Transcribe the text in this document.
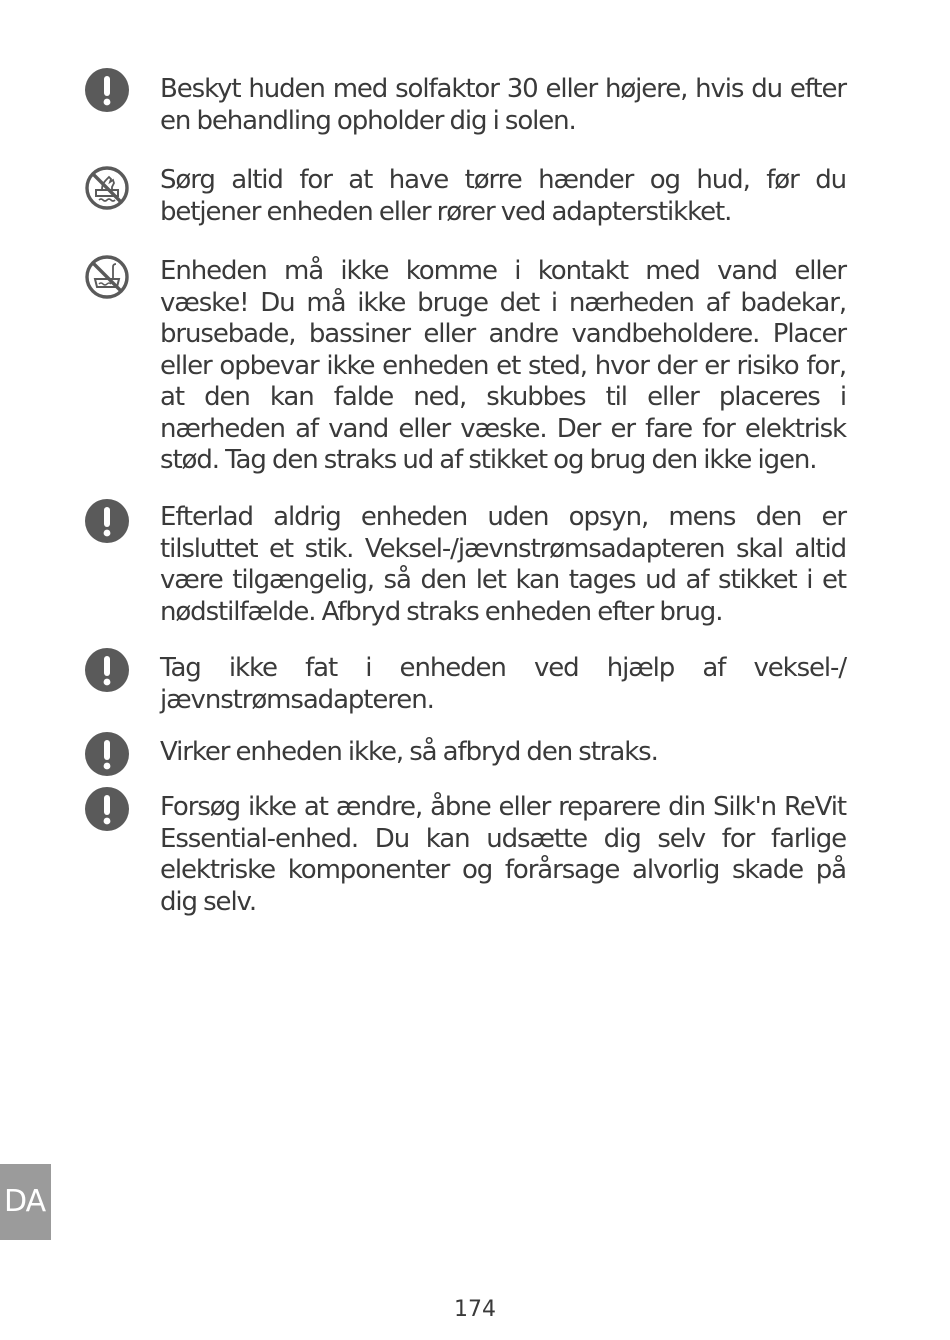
Beskyt huden med solfaktor 30 eller højere, hvis du efter en behandling opholder dig i solen.
Sørg altid for at have tørre hænder og hud, før du betjener enheden eller rører ved adapterstikket.
Enheden må ikke komme i kontakt med vand eller væske! Du må ikke bruge det i nærheden af badekar, brusebade, bassiner eller andre vandbeholdere. Placer eller opbevar ikke enheden et sted, hvor der er risiko for, at den kan falde ned, skubbes til eller placeres i nærheden af vand eller væske. Der er fare for elektrisk stød. Tag den straks ud af stikket og brug den ikke igen.
Efterlad aldrig enheden uden opsyn, mens den er tilsluttet et stik. Veksel-/jævnstrømsadapteren skal altid være tilgængelig, så den let kan tages ud af stikket i et nødstilfælde. Afbryd straks enheden efter brug.
Tag ikke fat i enheden ved hjælp af veksel-/ jævnstrømsadapteren.
Virker enheden ikke, så afbryd den straks.
Forsøg ikke at ændre, åbne eller reparere din Silk'n ReVit Essential-enhed. Du kan udsætte dig selv for farlige elektriske komponenter og forårsage alvorlig skade på dig selv.
DA
174
